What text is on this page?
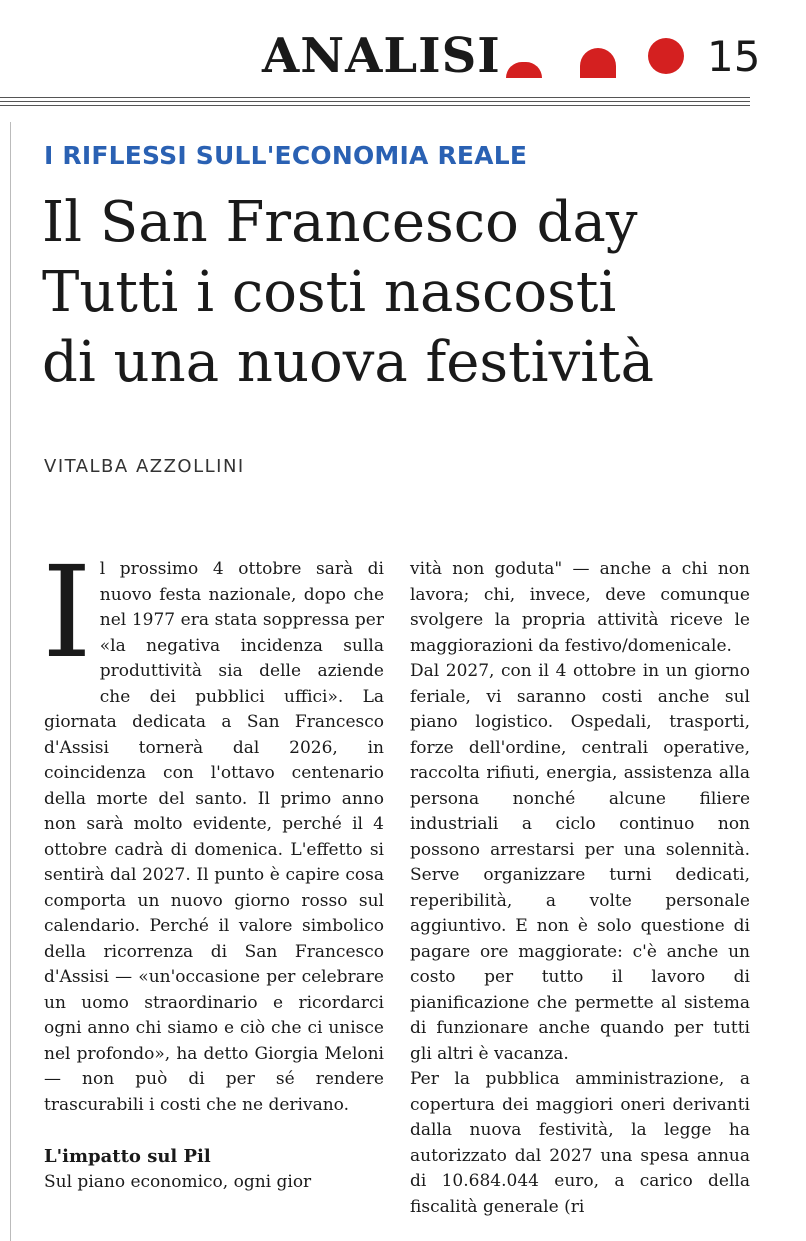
ANALISI	15
I RIFLESSI SULL'ECONOMIA REALE
Il San Francesco day
Tutti i costi nascosti
di una nuova festività
VITALBA AZZOLLINI

Il prossimo 4 ottobre sarà di nuovo festa nazionale, dopo che nel 1977 era stata soppressa per «la negativa incidenza sulla produttività sia delle aziende che dei pubblici uffici». La giornata dedicata a San Francesco d'Assisi tornerà dal 2026, in coincidenza con l'ottavo centenario della morte del santo. Il primo anno non sarà molto evidente, perché il 4 ottobre cadrà di domenica. L'effetto si sentirà dal 2027. Il punto è capire cosa comporta un nuovo giorno rosso sul calendario. Perché il valore simbolico della ricorrenza di San Francesco d'Assisi — «un'occasione per celebrare un uomo straordinario e ricordarci ogni anno chi siamo e ciò che ci unisce nel profondo», ha detto Giorgia Meloni — non può di per sé rendere trascurabili i costi che ne derivano.

L'impatto sul Pil

Sul piano economico, ogni gior

vità non goduta" — anche a chi non lavora; chi, invece, deve comunque svolgere la propria attività riceve le maggiorazioni da festivo/domenicale.

Dal 2027, con il 4 ottobre in un giorno feriale, vi saranno costi anche sul piano logistico. Ospedali, trasporti, forze dell'ordine, centrali operative, raccolta rifiuti, energia, assistenza alla persona nonché alcune filiere industriali a ciclo continuo non possono arrestarsi per una solennità. Serve organizzare turni dedicati, reperibilità, a volte personale aggiuntivo. E non è solo questione di pagare ore maggiorate: c'è anche un costo per tutto il lavoro di pianificazione che permette al sistema di funzionare anche quando per tutti gli altri è vacanza.

Per la pubblica amministrazione, a copertura dei maggiori oneri derivanti dalla nuova festività, la legge ha autorizzato dal 2027 una spesa annua di 10.684.044 euro, a carico della fiscalità generale (ri
